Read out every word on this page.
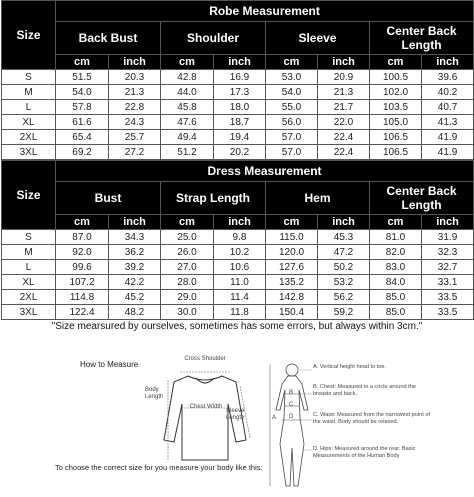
Size	Robe Measurement							
	Back Bust		Shoulder		Sleeve		Center Back Length	
	cm	inch	cm	inch	cm	inch	cm	inch
S	51.5	20.3	42.8	16.9	53.0	20.9	100.5	39.6
M	54.0	21.3	44.0	17.3	54.0	21.3	102.0	40.2
L	57.8	22.8	45.8	18.0	55.0	21.7	103.5	40.7
XL	61.6	24.3	47.6	18.7	56.0	22.0	105.0	41.3
2XL	65.4	25.7	49.4	19.4	57.0	22.4	106.5	41.9
3XL	69.2	27.2	51.2	20.2	57.0	22.4	106.5	41.9
Size	Dress Measurement							
	Bust		Strap Length		Hem		Center Back Length	
	cm	inch	cm	inch	cm	inch	cm	inch
S	87.0	34.3	25.0	9.8	115.0	45.3	81.0	31.9
M	92.0	36.2	26.0	10.2	120.0	47.2	82.0	32.3
L	99.6	39.2	27.0	10.6	127.6	50.2	83.0	32.7
XL	107.2	42.2	28.0	11.0	135.2	53.2	84.0	33.1
2XL	114.8	45.2	29.0	11.4	142.8	56.2	85.0	33.5
3XL	122.4	48.2	30.0	11.8	150.4	59.2	85.0	33.5
"Size mearsured by ourselves, sometimes has some errors, but always within 3cm."
How to Measure
Cross Shoulder
Body Length
Chest Width
Sleeve Length	A
B
C
D
A. Vertical height head to toe.
B. Chest: Measured in a circle around the breasts and back.
C. Waist: Measured from the narrowest point of the waist. Body should be relaxed.
D. Hips: Measured around the rear. Basic Measurements of the Human Body
To choose the correct size for you measure your body like this:
